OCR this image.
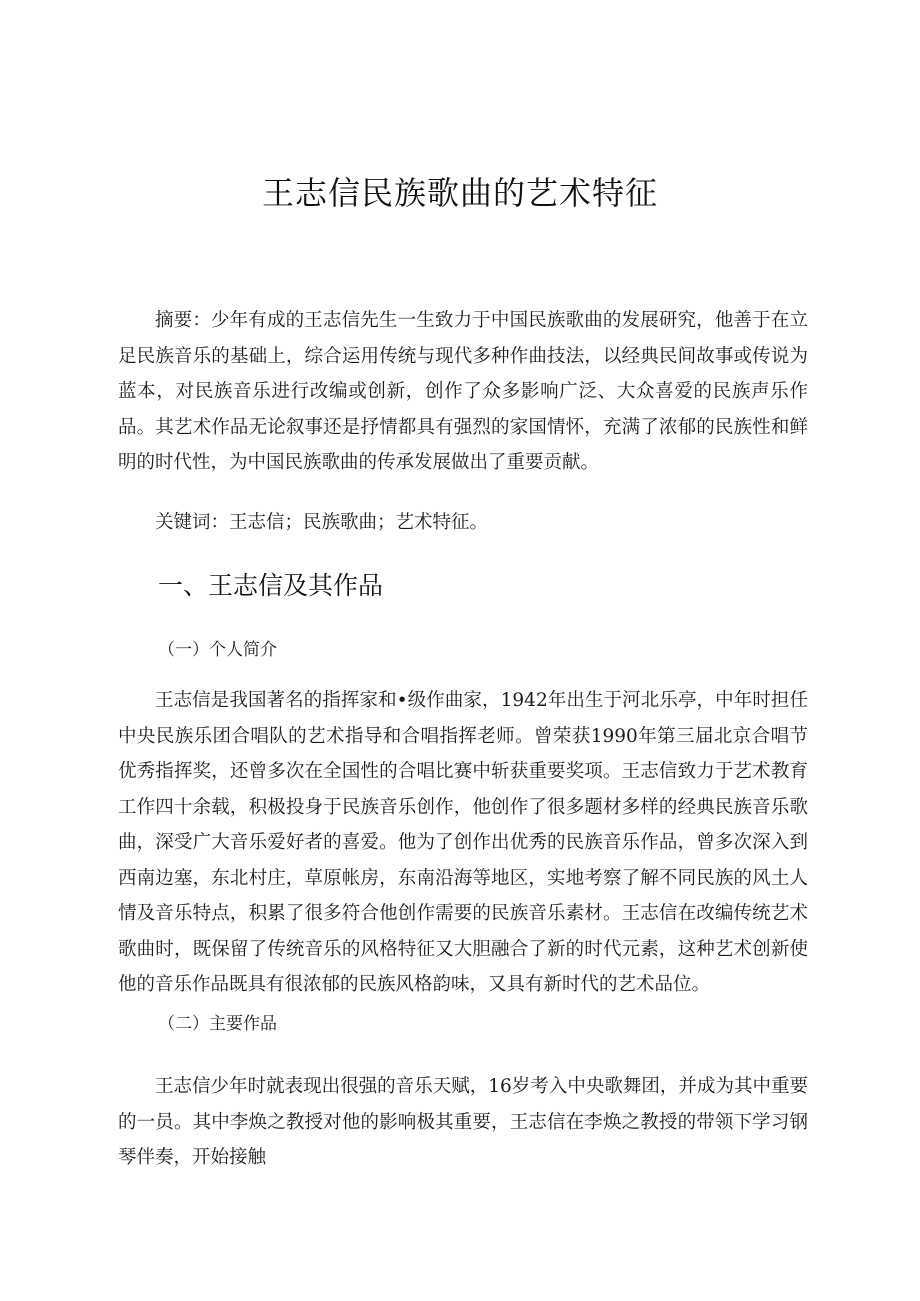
王志信民族歌曲的艺术特征

摘要：少年有成的王志信先生一生致力于中国民族歌曲的发展研究，他善于在立足民族音乐的基础上，综合运用传统与现代多种作曲技法，以经典民间故事或传说为蓝本，对民族音乐进行改编或创新，创作了众多影响广泛、大众喜爱的民族声乐作品。其艺术作品无论叙事还是抒情都具有强烈的家国情怀，充满了浓郁的民族性和鲜明的时代性，为中国民族歌曲的传承发展做出了重要贡献。

关键词：王志信；民族歌曲；艺术特征。

一、王志信及其作品
（一）个人简介

王志信是我国著名的指挥家和•级作曲家，1942年出生于河北乐亭，中年时担任中央民族乐团合唱队的艺术指导和合唱指挥老师。曾荣获1990年第三届北京合唱节优秀指挥奖，还曾多次在全国性的合唱比赛中斩获重要奖项。王志信致力于艺术教育工作四十余载，积极投身于民族音乐创作，他创作了很多题材多样的经典民族音乐歌曲，深受广大音乐爱好者的喜爱。他为了创作出优秀的民族音乐作品，曾多次深入到西南边塞，东北村庄，草原帐房，东南沿海等地区，实地考察了解不同民族的风土人情及音乐特点，积累了很多符合他创作需要的民族音乐素材。王志信在改编传统艺术歌曲时，既保留了传统音乐的风格特征又大胆融合了新的时代元素，这种艺术创新使他的音乐作品既具有很浓郁的民族风格韵味，又具有新时代的艺术品位。

（二）主要作品

王志信少年时就表现出很强的音乐天赋，16岁考入中央歌舞团，并成为其中重要的一员。其中李焕之教授对他的影响极其重要，王志信在李焕之教授的带领下学习钢琴伴奏，开始接触
